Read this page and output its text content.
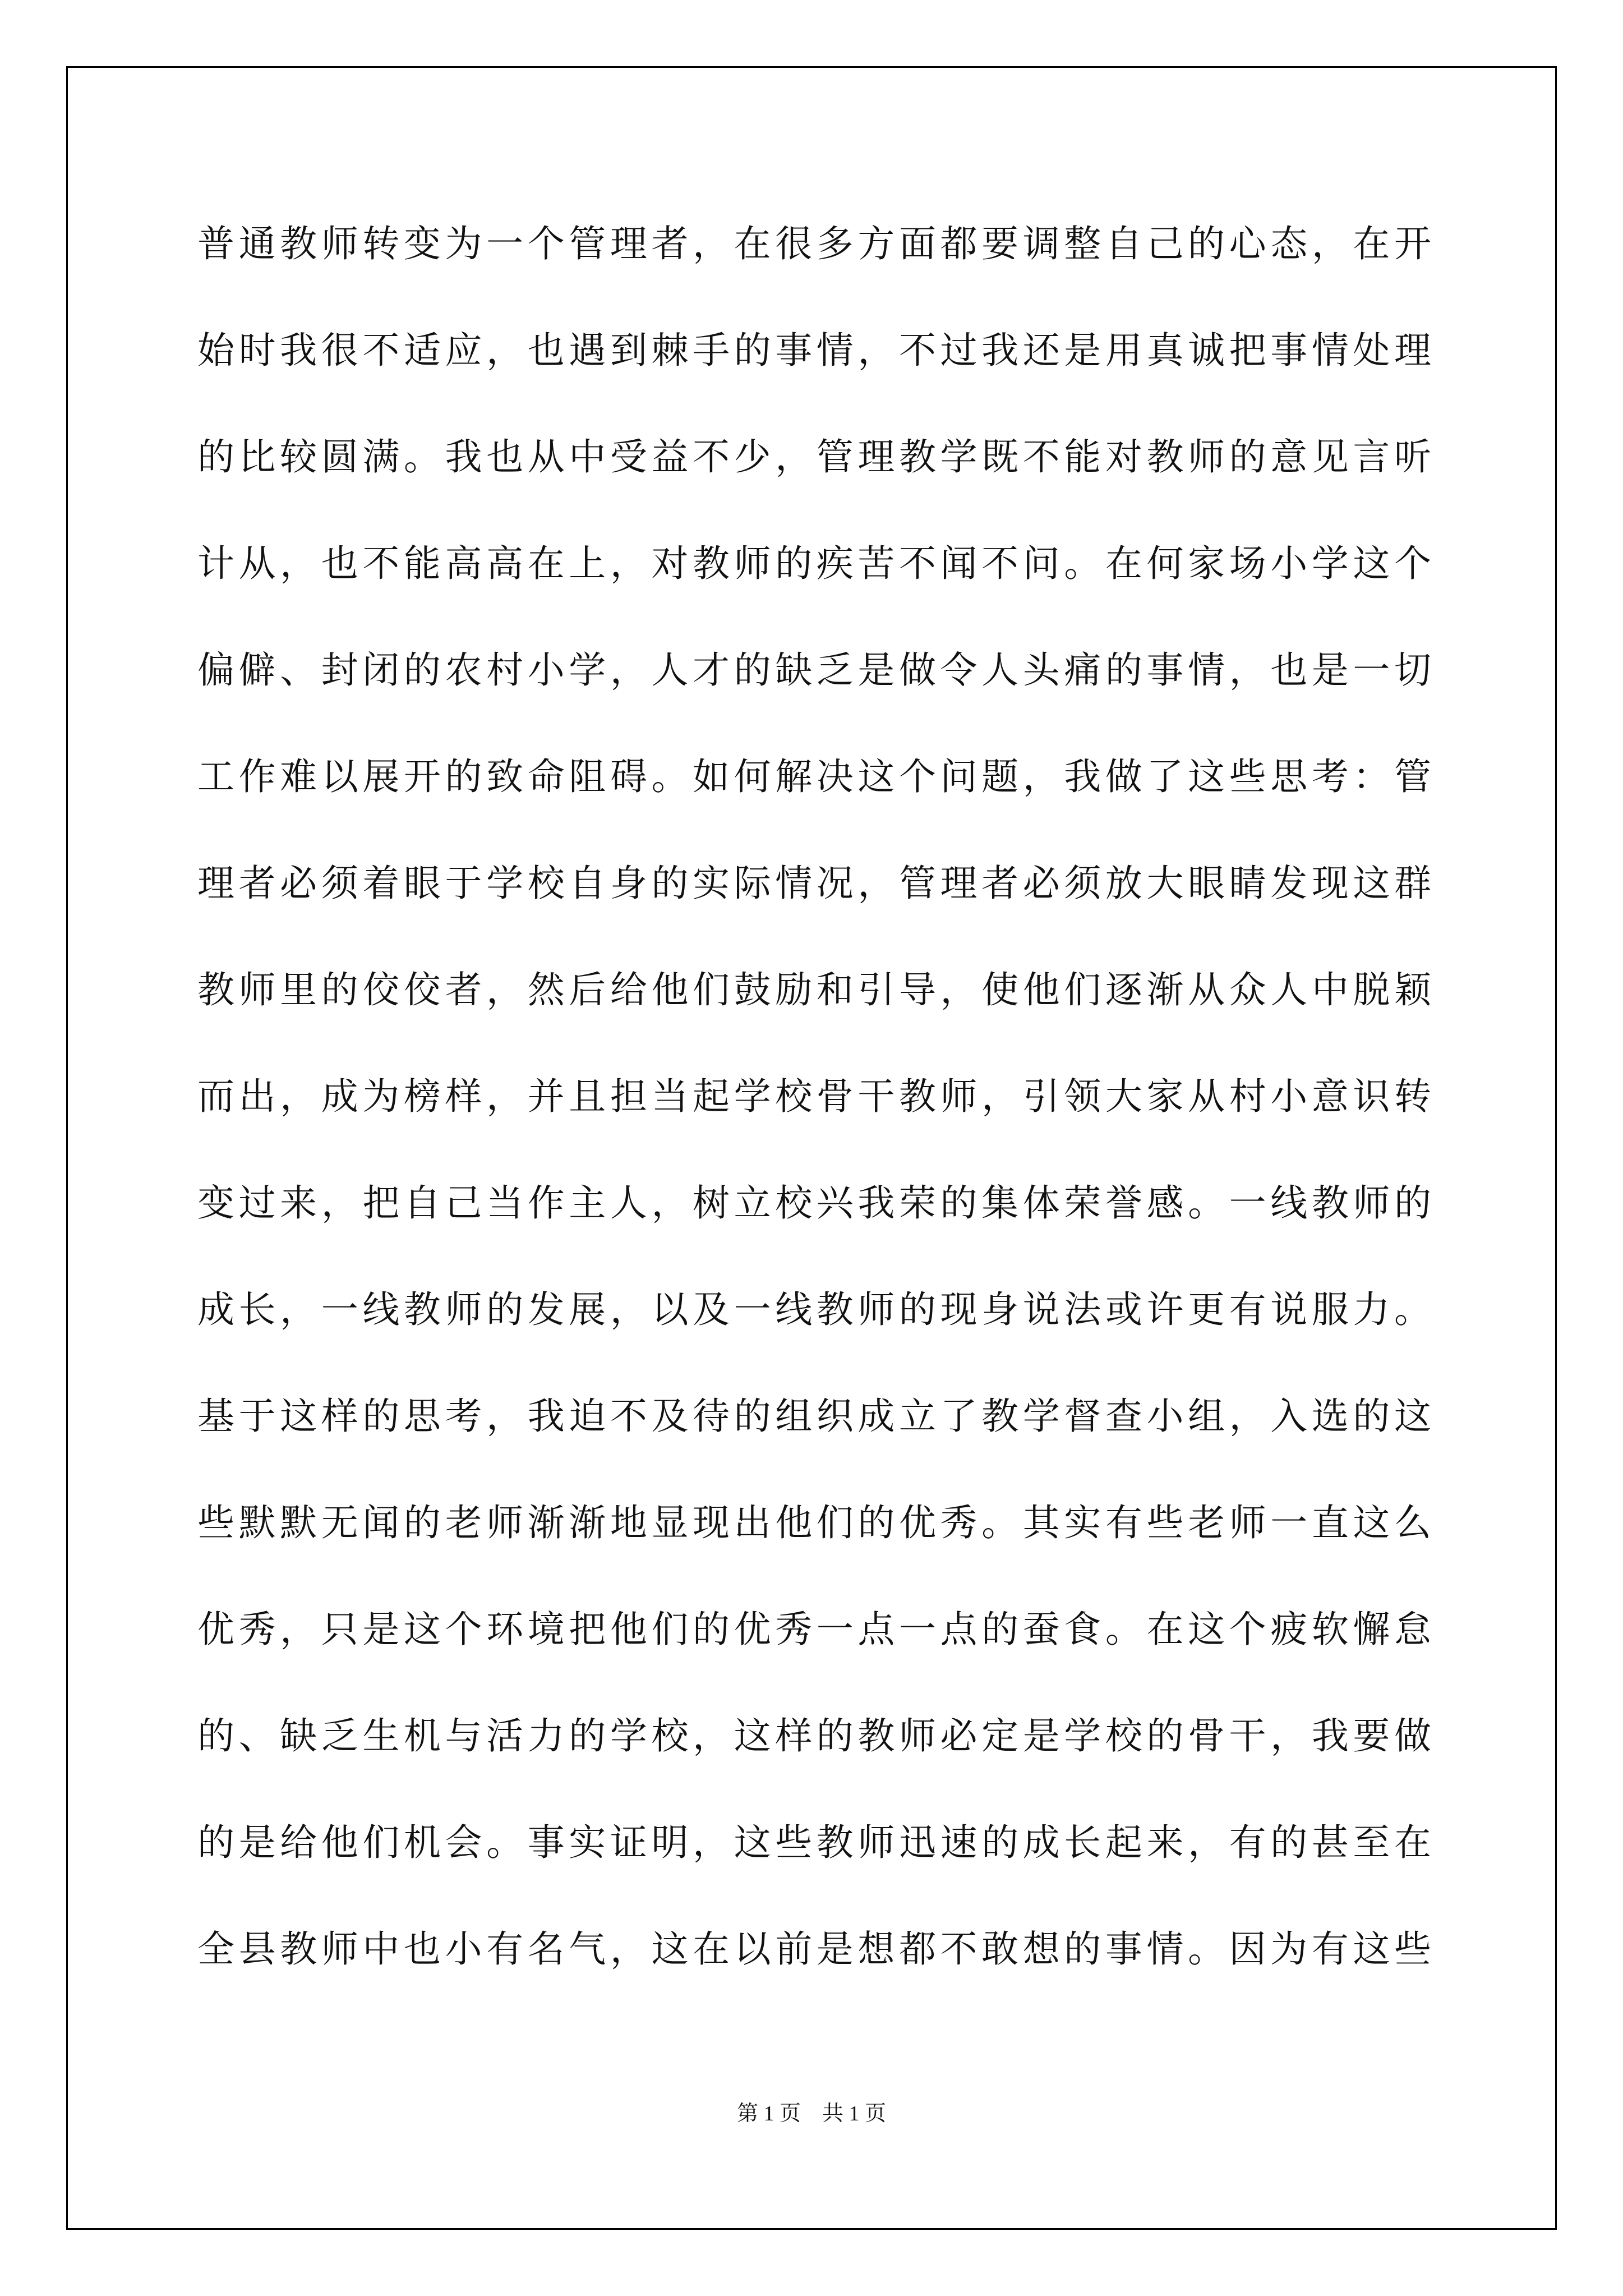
普通教师转变为一个管理者，在很多方面都要调整自己的心态，在开
始时我很不适应，也遇到棘手的事情，不过我还是用真诚把事情处理
的比较圆满。我也从中受益不少，管理教学既不能对教师的意见言听
计从，也不能高高在上，对教师的疾苦不闻不问。在何家场小学这个
偏僻、封闭的农村小学，人才的缺乏是做令人头痛的事情，也是一切
工作难以展开的致命阻碍。如何解决这个问题，我做了这些思考：管
理者必须着眼于学校自身的实际情况，管理者必须放大眼睛发现这群
教师里的佼佼者，然后给他们鼓励和引导，使他们逐渐从众人中脱颖
而出，成为榜样，并且担当起学校骨干教师，引领大家从村小意识转
变过来，把自己当作主人，树立校兴我荣的集体荣誉感。一线教师的
成长，一线教师的发展，以及一线教师的现身说法或许更有说服力。
基于这样的思考，我迫不及待的组织成立了教学督查小组，入选的这
些默默无闻的老师渐渐地显现出他们的优秀。其实有些老师一直这么
优秀，只是这个环境把他们的优秀一点一点的蚕食。在这个疲软懈怠
的、缺乏生机与活力的学校，这样的教师必定是学校的骨干，我要做
的是给他们机会。事实证明，这些教师迅速的成长起来，有的甚至在
全县教师中也小有名气，这在以前是想都不敢想的事情。因为有这些
第 1 页　共 1 页
